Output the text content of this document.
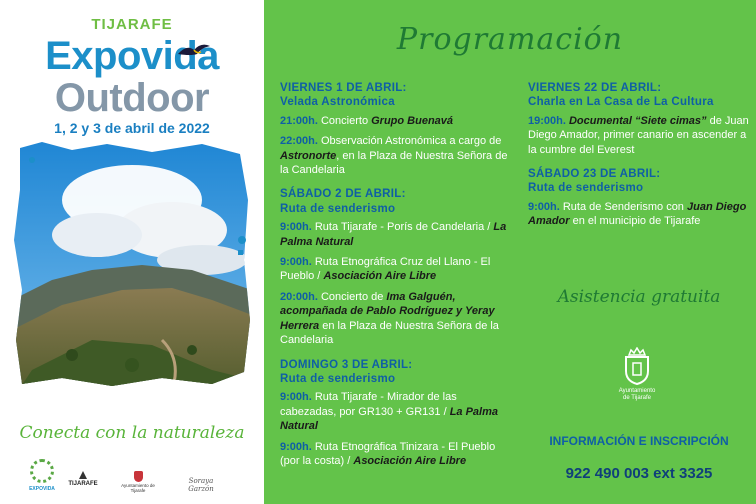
TIJARAFE
Expovida
Outdoor
1, 2 y 3 de abril de 2022
Conecta con la naturaleza
EXPOVIDA
TIJARAFE	Ayuntamiento de Tijarafe
Soraya Garzón
Programación
VIERNES 1 DE ABRIL:
Velada Astronómica
21:00h. Concierto Grupo Buenavá
22:00h. Observación Astronómica a cargo de Astronorte, en la Plaza de Nuestra Señora de la Candelaria
SÁBADO 2 DE ABRIL:
Ruta de senderismo
9:00h. Ruta Tijarafe - Porís de Candelaria / La Palma Natural
9:00h. Ruta Etnográfica Cruz del Llano - El Pueblo / Asociación Aire Libre
20:00h. Concierto de Ima Galguén, acompañada de Pablo Rodríguez y Yeray Herrera en la Plaza de Nuestra Señora de la Candelaria
DOMINGO 3 DE ABRIL:
Ruta de senderismo
9:00h. Ruta Tijarafe - Mirador de las cabezadas, por GR130 + GR131 / La Palma Natural
9:00h. Ruta Etnográfica Tinizara - El Pueblo (por la costa) / Asociación Aire Libre
VIERNES 22 DE ABRIL:
Charla en La Casa de La Cultura
19:00h. Documental “Siete cimas” de Juan Diego Amador, primer canario en ascender a la cumbre del Everest
SÁBADO 23 DE ABRIL:
Ruta de senderismo
9:00h. Ruta de Senderismo con Juan Diego Amador en el municipio de Tijarafe
Asistencia gratuita
Ayuntamiento
de Tijarafe
INFORMACIÓN E INSCRIPCIÓN
922 490 003 ext 3325
